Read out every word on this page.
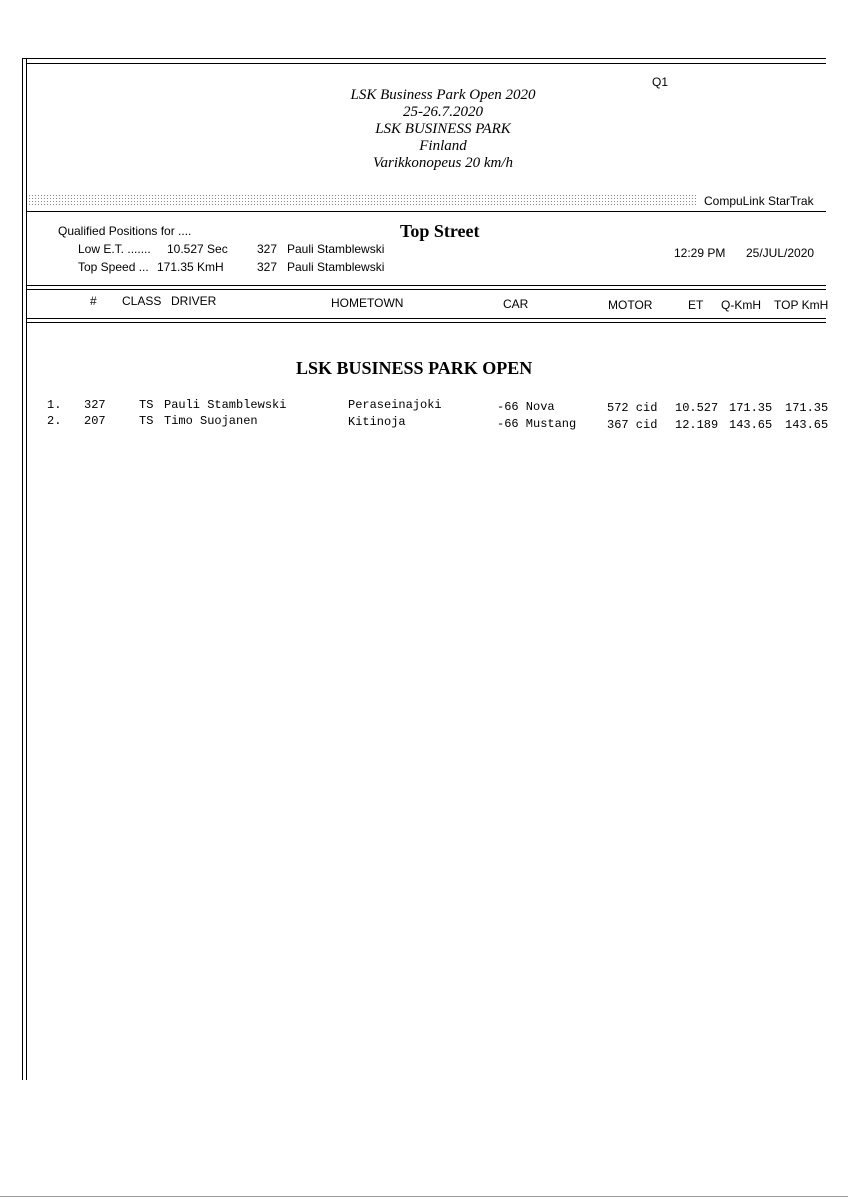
Q1
LSK Business Park Open 2020
25-26.7.2020
LSK BUSINESS PARK
Finland
Varikkonopeus 20 km/h
CompuLink StarTrak
Qualified Positions for ....	Top Street
Low E.T. ....... 10.527 Sec 327 Pauli Stamblewski
Top Speed ... 171.35 KmH	327 Pauli Stamblewski
12:29 PM 25/JUL/2020
# CLASS DRIVER	HOMETOWN	CAR	MOTOR	ET Q-KmH TOP KmH
LSK BUSINESS PARK OPEN
1. 327	TS Pauli Stamblewski	Peraseinajoki	-66 Nova	572 cid 10.527 171.35 171.35
2. 207	TS Timo Suojanen	Kitinoja	-66 Mustang	367 cid 12.189 143.65 143.65
